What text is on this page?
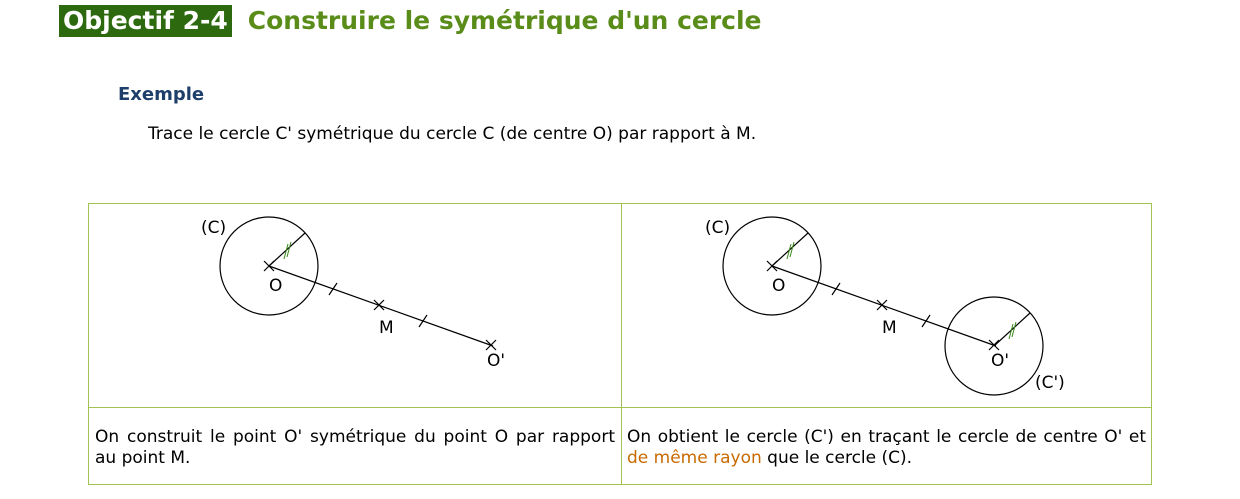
Objectif 2-4 Construire le symétrique d'un cercle
Exemple
Trace le cercle C' symétrique du cercle C (de centre O) par rapport à M.
(C)
O
M
O'
(C)
O
M
O'
(C')
On construit le point O' symétrique du point O par rapport au point M.
On obtient le cercle (C') en traçant le cercle de centre O' et de même rayon que le cercle (C).
